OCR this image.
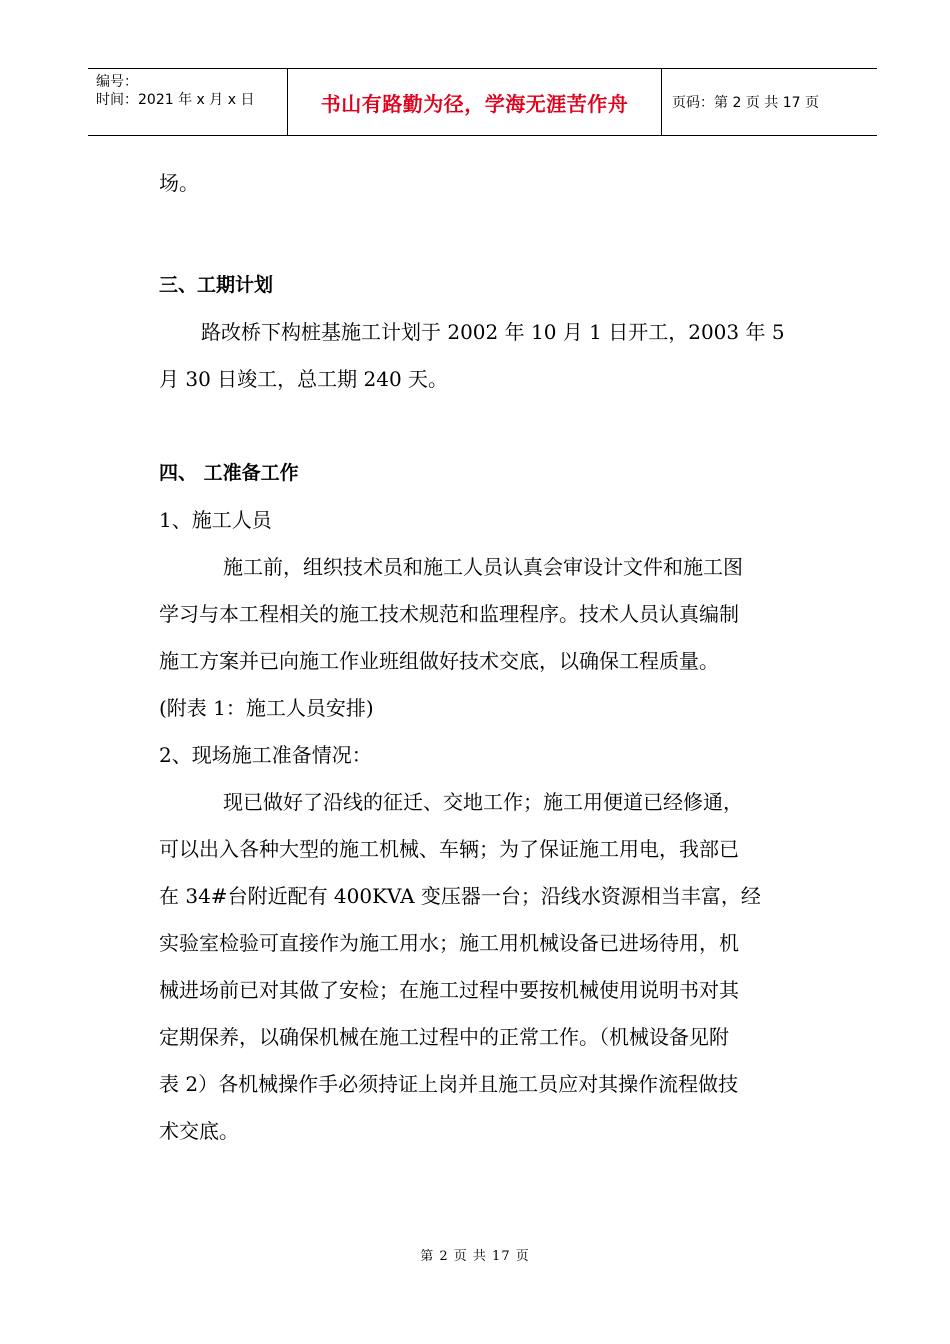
编号：
时间：2021 年 x 月 x 日	书山有路勤为径，学海无涯苦作舟	页码：第 2 页 共 17 页
场。
三、工期计划
路改桥下构桩基施工计划于 2002 年 10 月 1 日开工，2003 年 5
月 30 日竣工，总工期 240 天。
四、 工准备工作
1、施工人员
施工前，组织技术员和施工人员认真会审设计文件和施工图
学习与本工程相关的施工技术规范和监理程序。技术人员认真编制
施工方案并已向施工作业班组做好技术交底，以确保工程质量。
(附表 1：施工人员安排)
2、现场施工准备情况：
现已做好了沿线的征迁、交地工作；施工用便道已经修通，
可以出入各种大型的施工机械、车辆；为了保证施工用电，我部已
在 34#台附近配有 400KVA 变压器一台；沿线水资源相当丰富，经
实验室检验可直接作为施工用水；施工用机械设备已进场待用，机
械进场前已对其做了安检；在施工过程中要按机械使用说明书对其
定期保养，以确保机械在施工过程中的正常工作。（机械设备见附
表 2）各机械操作手必须持证上岗并且施工员应对其操作流程做技
术交底。
第 2 页 共 17 页
